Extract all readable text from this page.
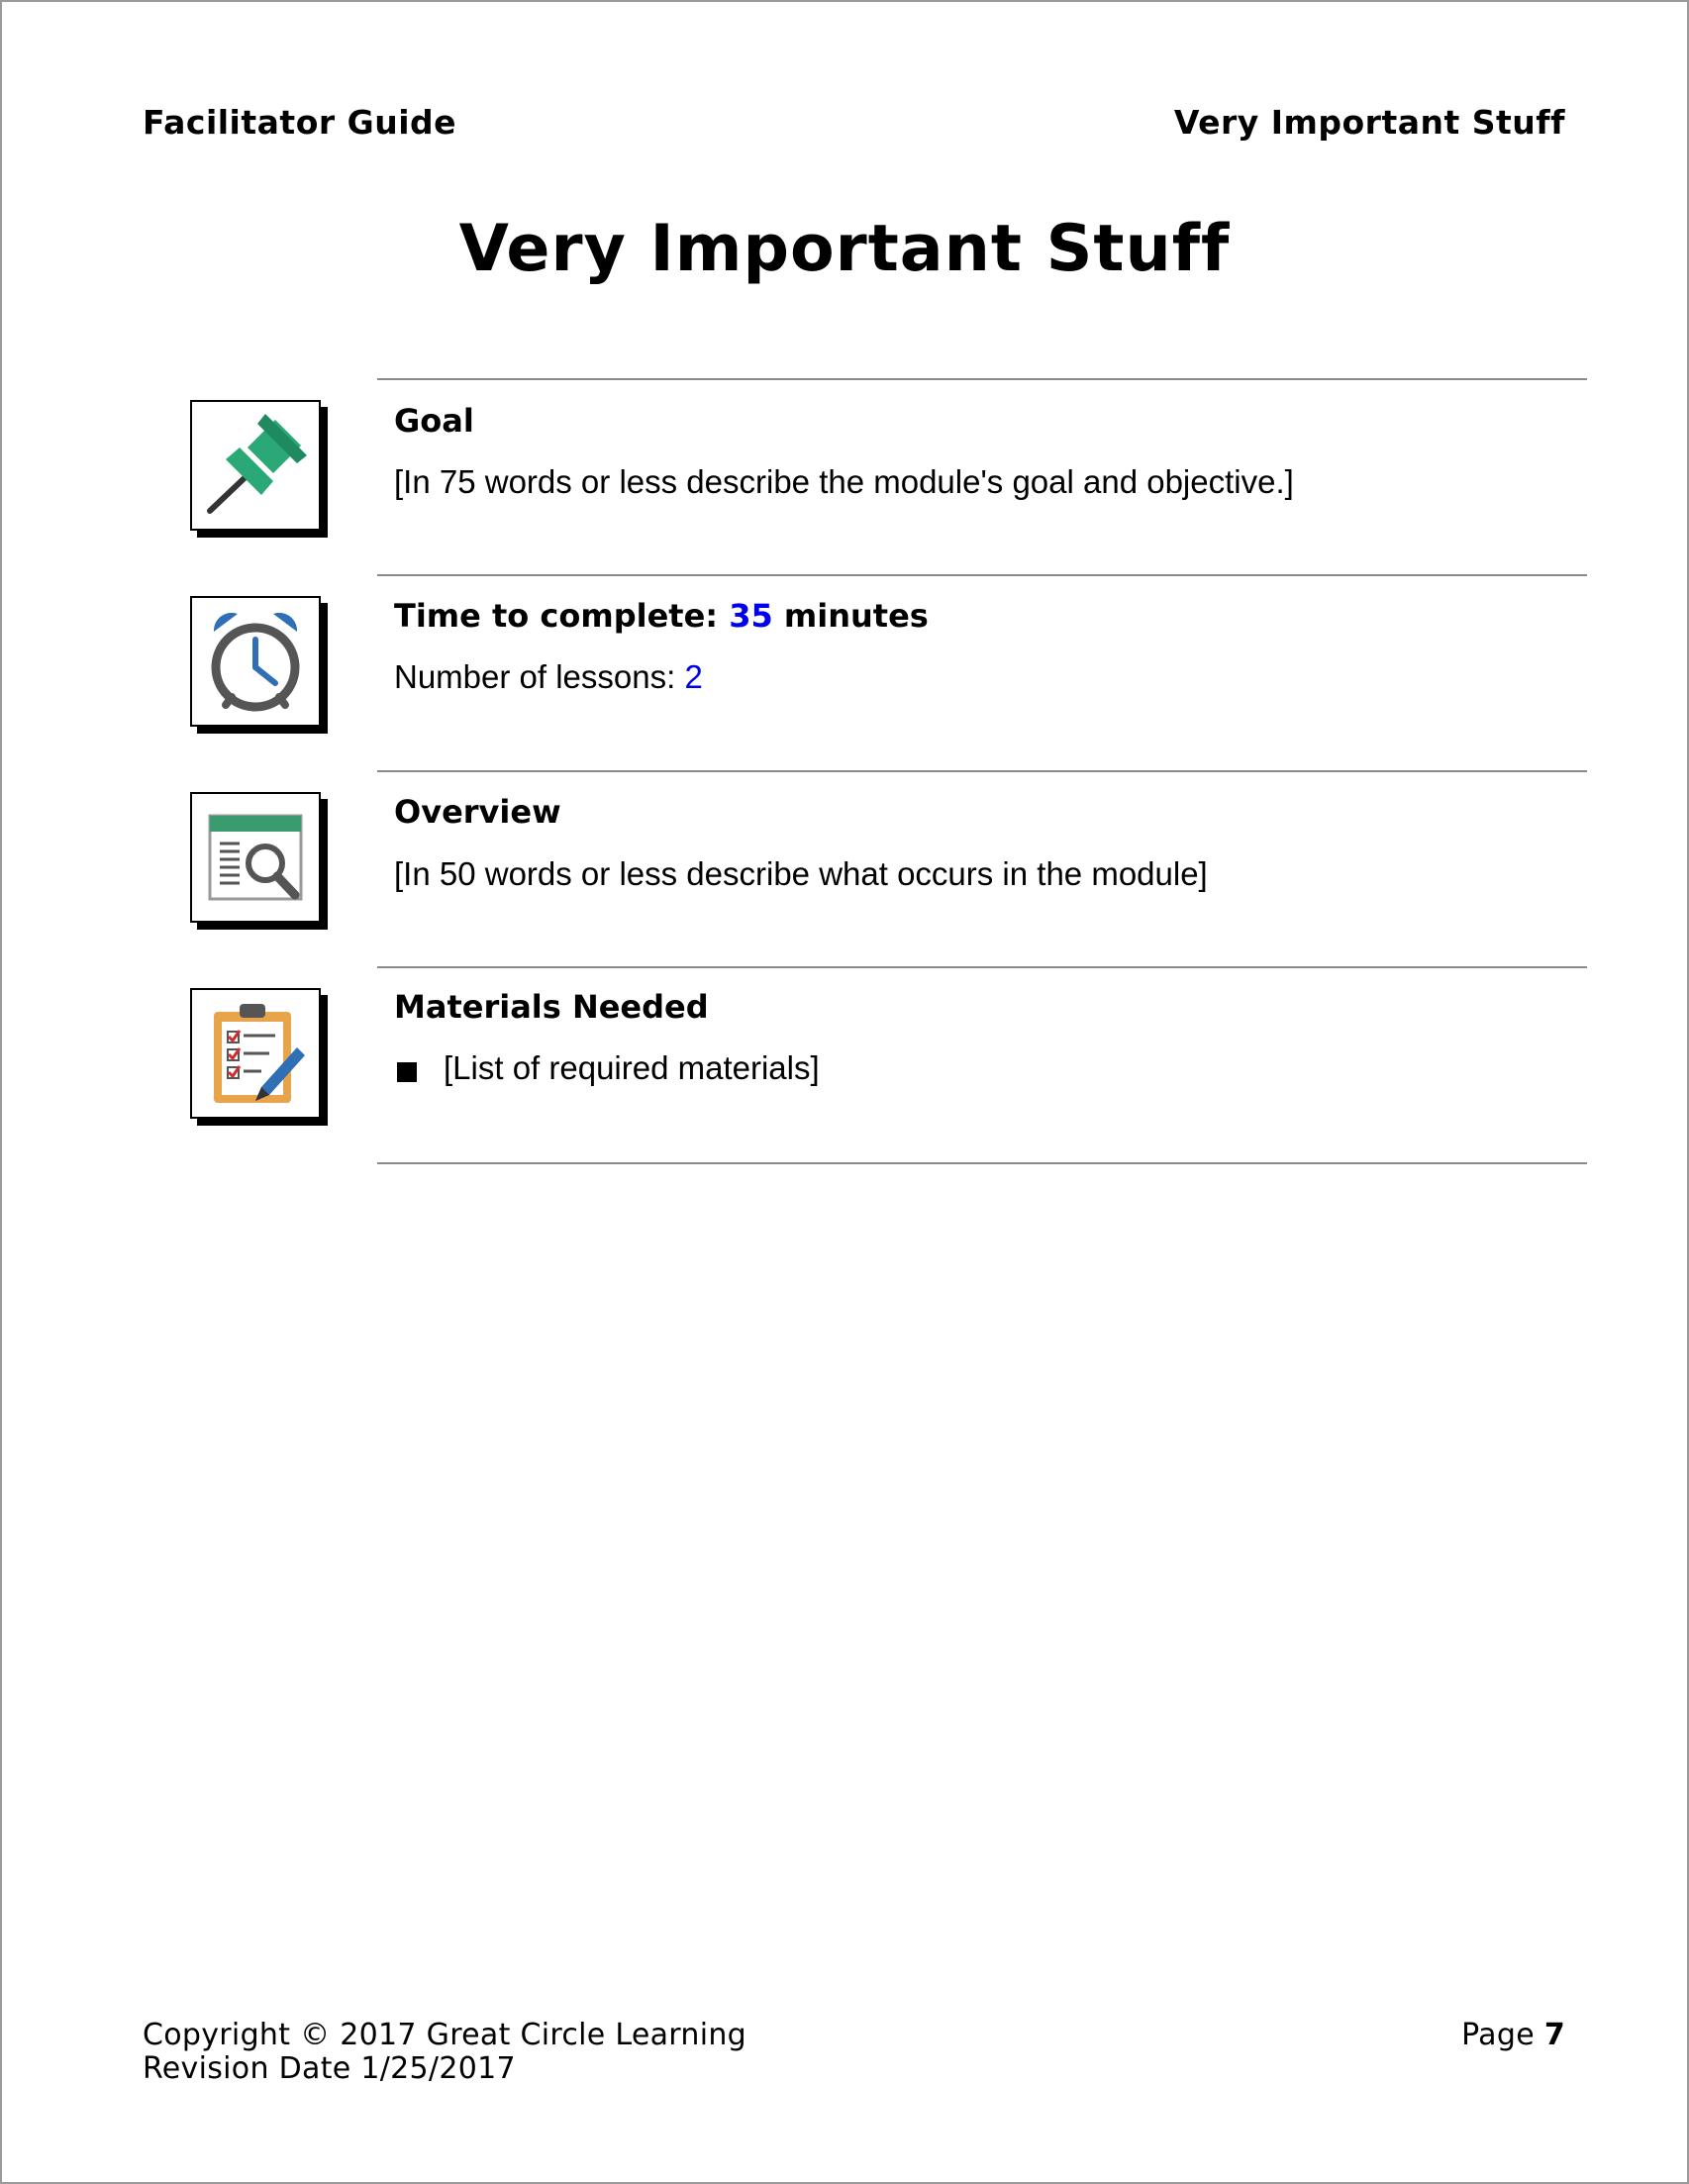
Facilitator Guide	Very Important Stuff
Very Important Stuff
Goal
[In 75 words or less describe the module's goal and objective.]
Time to complete: 35 minutes
Number of lessons: 2
Overview
[In 50 words or less describe what occurs in the module]
Materials Needed
[List of required materials]
Copyright © 2017 Great Circle Learning
Revision Date 1/25/2017
Page 7
